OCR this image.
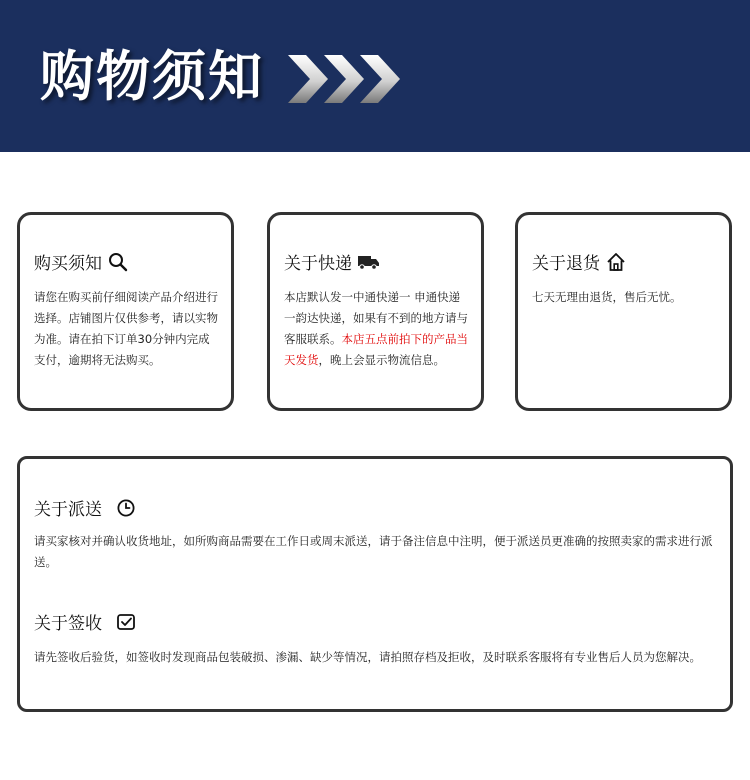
购物须知
购买须知
请您在购买前仔细阅读产品介绍进行选择。店铺图片仅供参考，请以实物为准。请在拍下订单30分钟内完成支付，逾期将无法购买。
关于快递
本店默认发一中通快递一 申通快递一韵达快递，如果有不到的地方请与客服联系。本店五点前拍下的产品当天发货，晚上会显示物流信息。
关于退货
七天无理由退货，售后无忧。
关于派送
请买家核对并确认收货地址，如所购商品需要在工作日或周末派送，请于备注信息中注明，便于派送员更准确的按照卖家的需求进行派送。
关于签收
请先签收后验货，如签收时发现商品包装破损、渗漏、缺少等情况，请拍照存档及拒收，及时联系客服将有专业售后人员为您解决。
